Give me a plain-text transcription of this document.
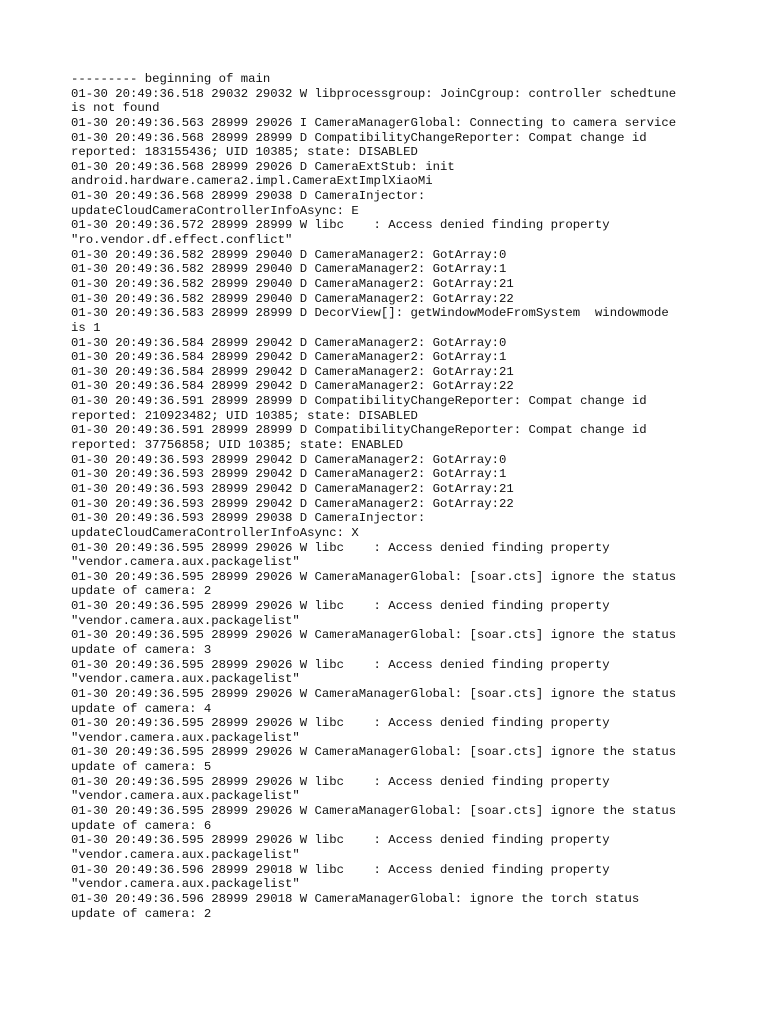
--------- beginning of main
01-30 20:49:36.518 29032 29032 W libprocessgroup: JoinCgroup: controller schedtune
is not found
01-30 20:49:36.563 28999 29026 I CameraManagerGlobal: Connecting to camera service
01-30 20:49:36.568 28999 28999 D CompatibilityChangeReporter: Compat change id
reported: 183155436; UID 10385; state: DISABLED
01-30 20:49:36.568 28999 29026 D CameraExtStub: init
android.hardware.camera2.impl.CameraExtImplXiaoMi
01-30 20:49:36.568 28999 29038 D CameraInjector:
updateCloudCameraControllerInfoAsync: E
01-30 20:49:36.572 28999 28999 W libc    : Access denied finding property
"ro.vendor.df.effect.conflict"
01-30 20:49:36.582 28999 29040 D CameraManager2: GotArray:0
01-30 20:49:36.582 28999 29040 D CameraManager2: GotArray:1
01-30 20:49:36.582 28999 29040 D CameraManager2: GotArray:21
01-30 20:49:36.582 28999 29040 D CameraManager2: GotArray:22
01-30 20:49:36.583 28999 28999 D DecorView[]: getWindowModeFromSystem  windowmode
is 1
01-30 20:49:36.584 28999 29042 D CameraManager2: GotArray:0
01-30 20:49:36.584 28999 29042 D CameraManager2: GotArray:1
01-30 20:49:36.584 28999 29042 D CameraManager2: GotArray:21
01-30 20:49:36.584 28999 29042 D CameraManager2: GotArray:22
01-30 20:49:36.591 28999 28999 D CompatibilityChangeReporter: Compat change id
reported: 210923482; UID 10385; state: DISABLED
01-30 20:49:36.591 28999 28999 D CompatibilityChangeReporter: Compat change id
reported: 37756858; UID 10385; state: ENABLED
01-30 20:49:36.593 28999 29042 D CameraManager2: GotArray:0
01-30 20:49:36.593 28999 29042 D CameraManager2: GotArray:1
01-30 20:49:36.593 28999 29042 D CameraManager2: GotArray:21
01-30 20:49:36.593 28999 29042 D CameraManager2: GotArray:22
01-30 20:49:36.593 28999 29038 D CameraInjector:
updateCloudCameraControllerInfoAsync: X
01-30 20:49:36.595 28999 29026 W libc    : Access denied finding property
"vendor.camera.aux.packagelist"
01-30 20:49:36.595 28999 29026 W CameraManagerGlobal: [soar.cts] ignore the status
update of camera: 2
01-30 20:49:36.595 28999 29026 W libc    : Access denied finding property
"vendor.camera.aux.packagelist"
01-30 20:49:36.595 28999 29026 W CameraManagerGlobal: [soar.cts] ignore the status
update of camera: 3
01-30 20:49:36.595 28999 29026 W libc    : Access denied finding property
"vendor.camera.aux.packagelist"
01-30 20:49:36.595 28999 29026 W CameraManagerGlobal: [soar.cts] ignore the status
update of camera: 4
01-30 20:49:36.595 28999 29026 W libc    : Access denied finding property
"vendor.camera.aux.packagelist"
01-30 20:49:36.595 28999 29026 W CameraManagerGlobal: [soar.cts] ignore the status
update of camera: 5
01-30 20:49:36.595 28999 29026 W libc    : Access denied finding property
"vendor.camera.aux.packagelist"
01-30 20:49:36.595 28999 29026 W CameraManagerGlobal: [soar.cts] ignore the status
update of camera: 6
01-30 20:49:36.595 28999 29026 W libc    : Access denied finding property
"vendor.camera.aux.packagelist"
01-30 20:49:36.596 28999 29018 W libc    : Access denied finding property
"vendor.camera.aux.packagelist"
01-30 20:49:36.596 28999 29018 W CameraManagerGlobal: ignore the torch status
update of camera: 2
